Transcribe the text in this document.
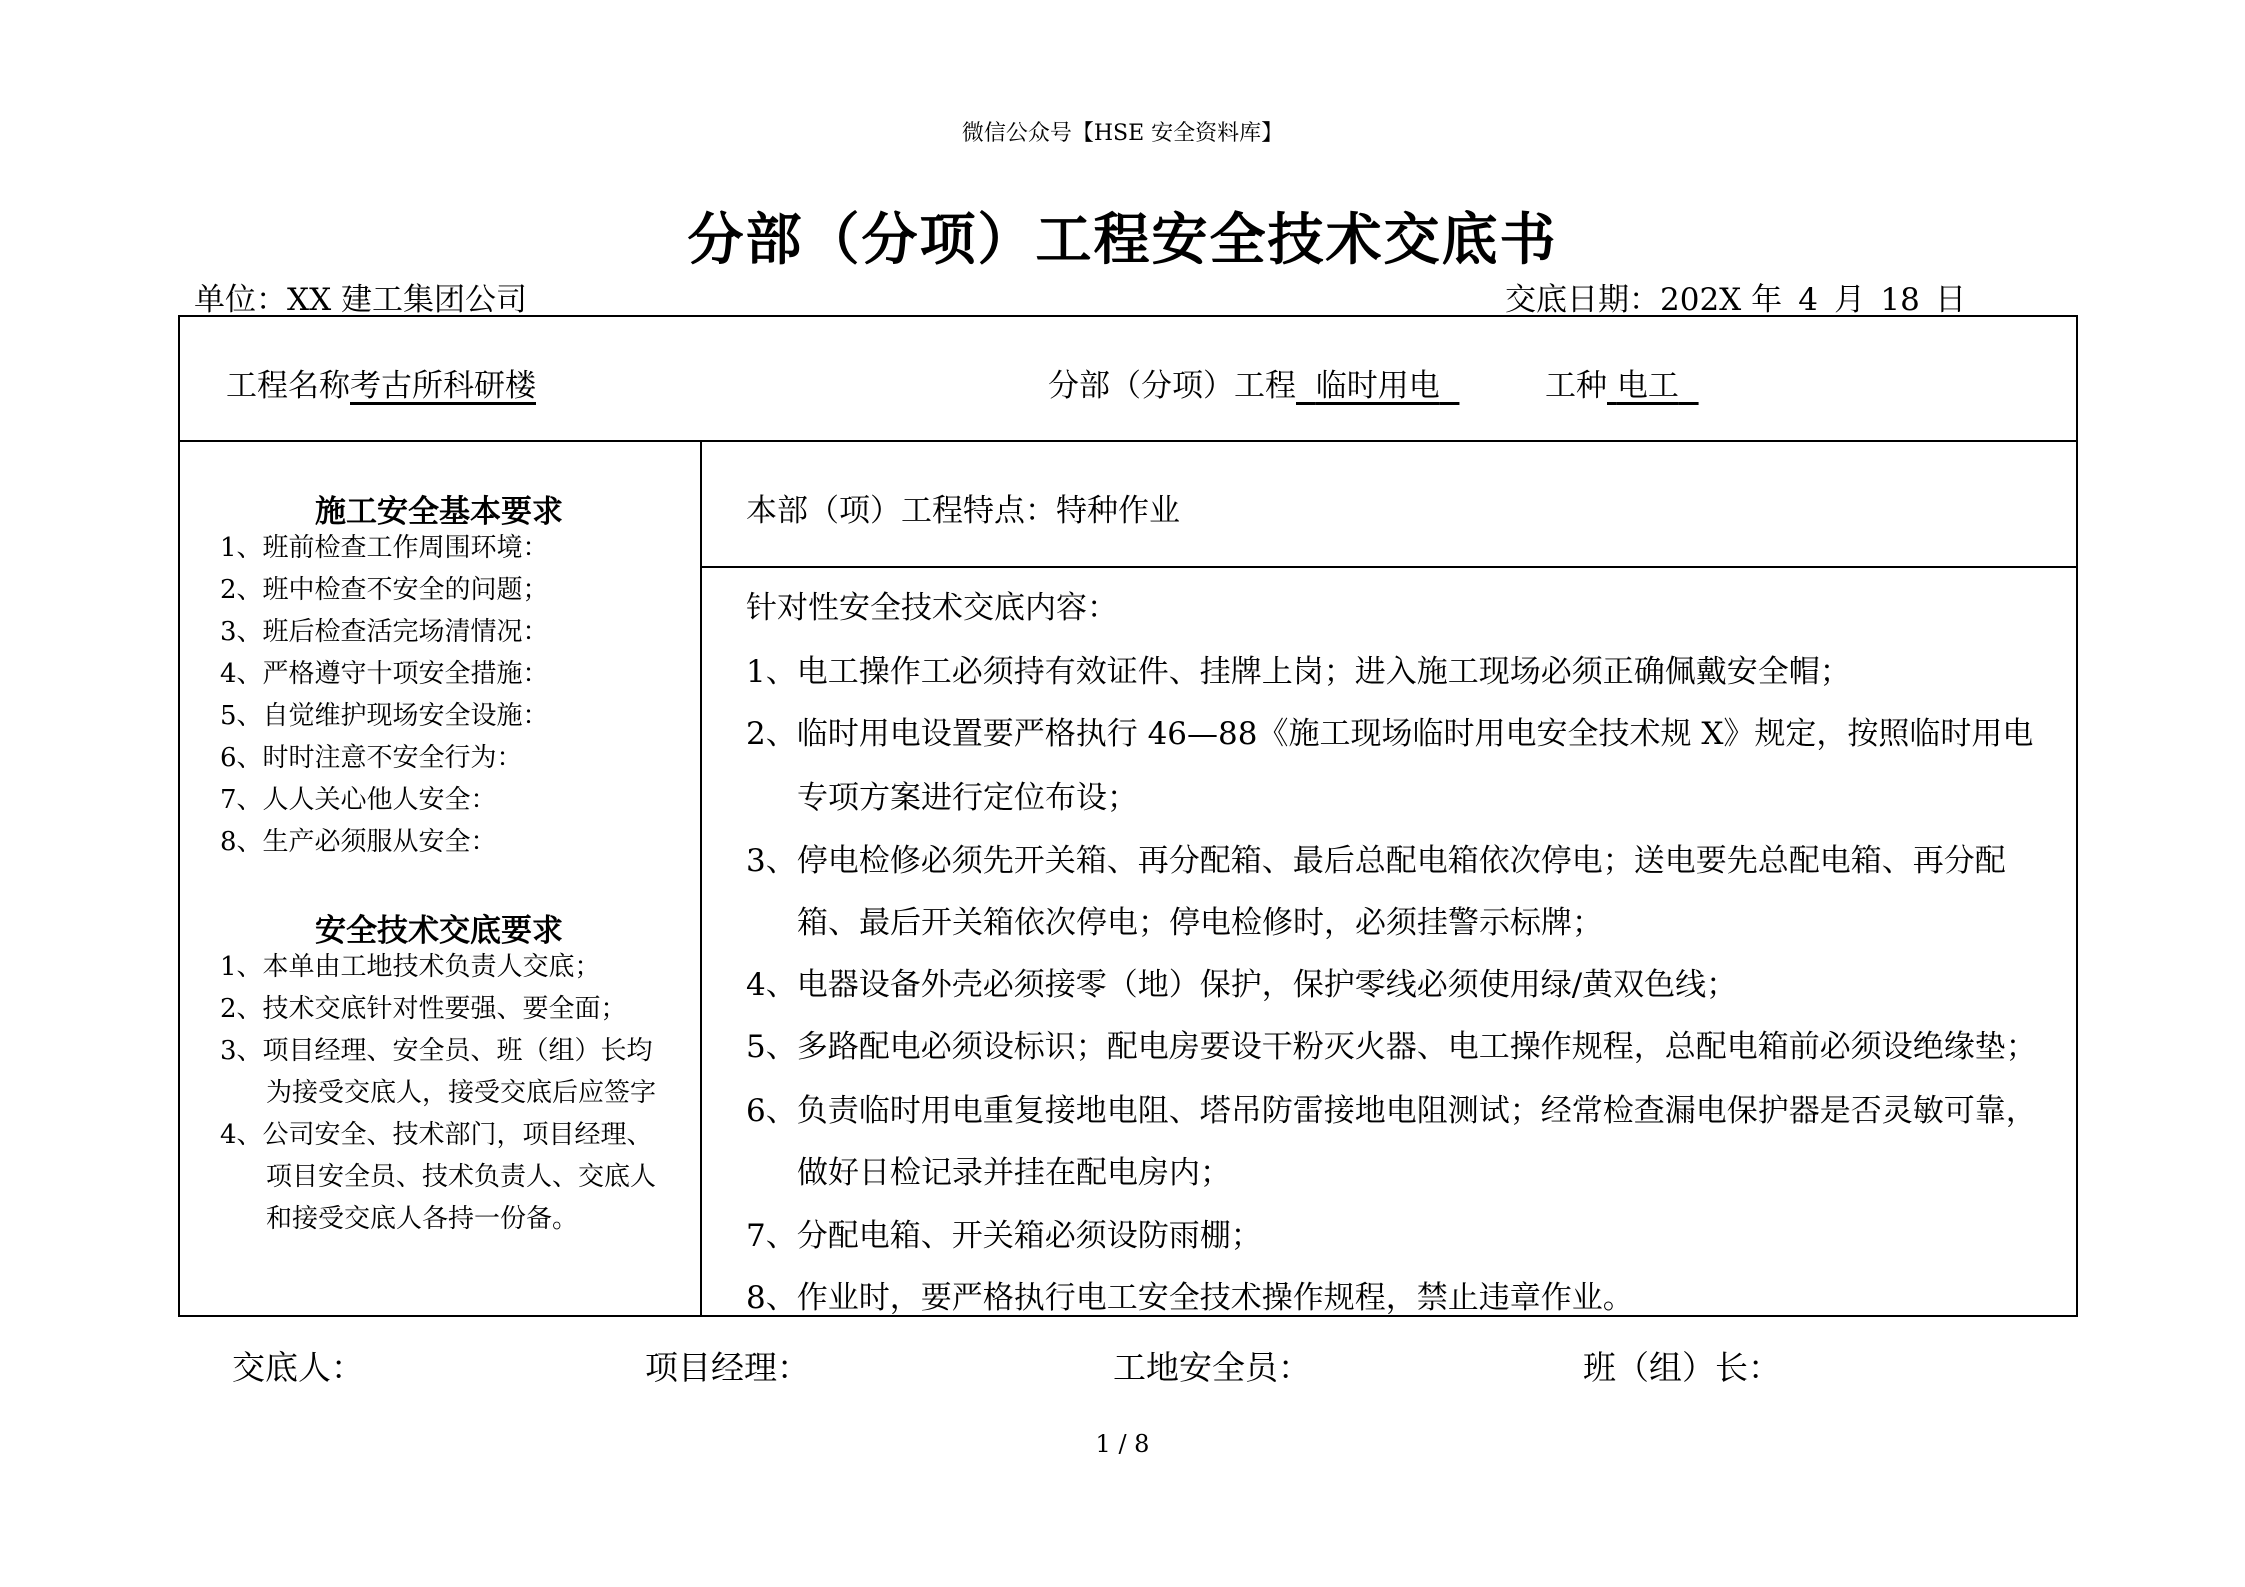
微信公众号【HSE 安全资料库】
分部（分项）工程安全技术交底书
单位：XX 建工集团公司	交底日期：202X 年 4 月 18 日
工程名称考古所科研楼	分部（分项）工程 临时用电	工种 电工
施工安全基本要求
1、班前检查工作周围环境：
2、班中检查不安全的问题；
3、班后检查活完场清情况：
4、严格遵守十项安全措施：
5、自觉维护现场安全设施：
6、时时注意不安全行为：
7、人人关心他人安全：
8、生产必须服从安全：
安全技术交底要求
1、本单由工地技术负责人交底；
2、技术交底针对性要强、要全面；
3、项目经理、安全员、班（组）长均
为接受交底人，接受交底后应签字
4、公司安全、技术部门，项目经理、
项目安全员、技术负责人、交底人
和接受交底人各持一份备。
本部（项）工程特点：特种作业
针对性安全技术交底内容：
1、电工操作工必须持有效证件、挂牌上岗；进入施工现场必须正确佩戴安全帽；
2、临时用电设置要严格执行 46—88《施工现场临时用电安全技术规 X》规定，按照临时用电
专项方案进行定位布设；
3、停电检修必须先开关箱、再分配箱、最后总配电箱依次停电；送电要先总配电箱、再分配
箱、最后开关箱依次停电；停电检修时，必须挂警示标牌；
4、电器设备外壳必须接零（地）保护，保护零线必须使用绿/黄双色线；
5、多路配电必须设标识；配电房要设干粉灭火器、电工操作规程，总配电箱前必须设绝缘垫；
6、负责临时用电重复接地电阻、塔吊防雷接地电阻测试；经常检查漏电保护器是否灵敏可靠，
做好日检记录并挂在配电房内；
7、分配电箱、开关箱必须设防雨棚；
8、作业时，要严格执行电工安全技术操作规程，禁止违章作业。
交底人：	项目经理：	工地安全员：	班（组）长：
1 / 8
